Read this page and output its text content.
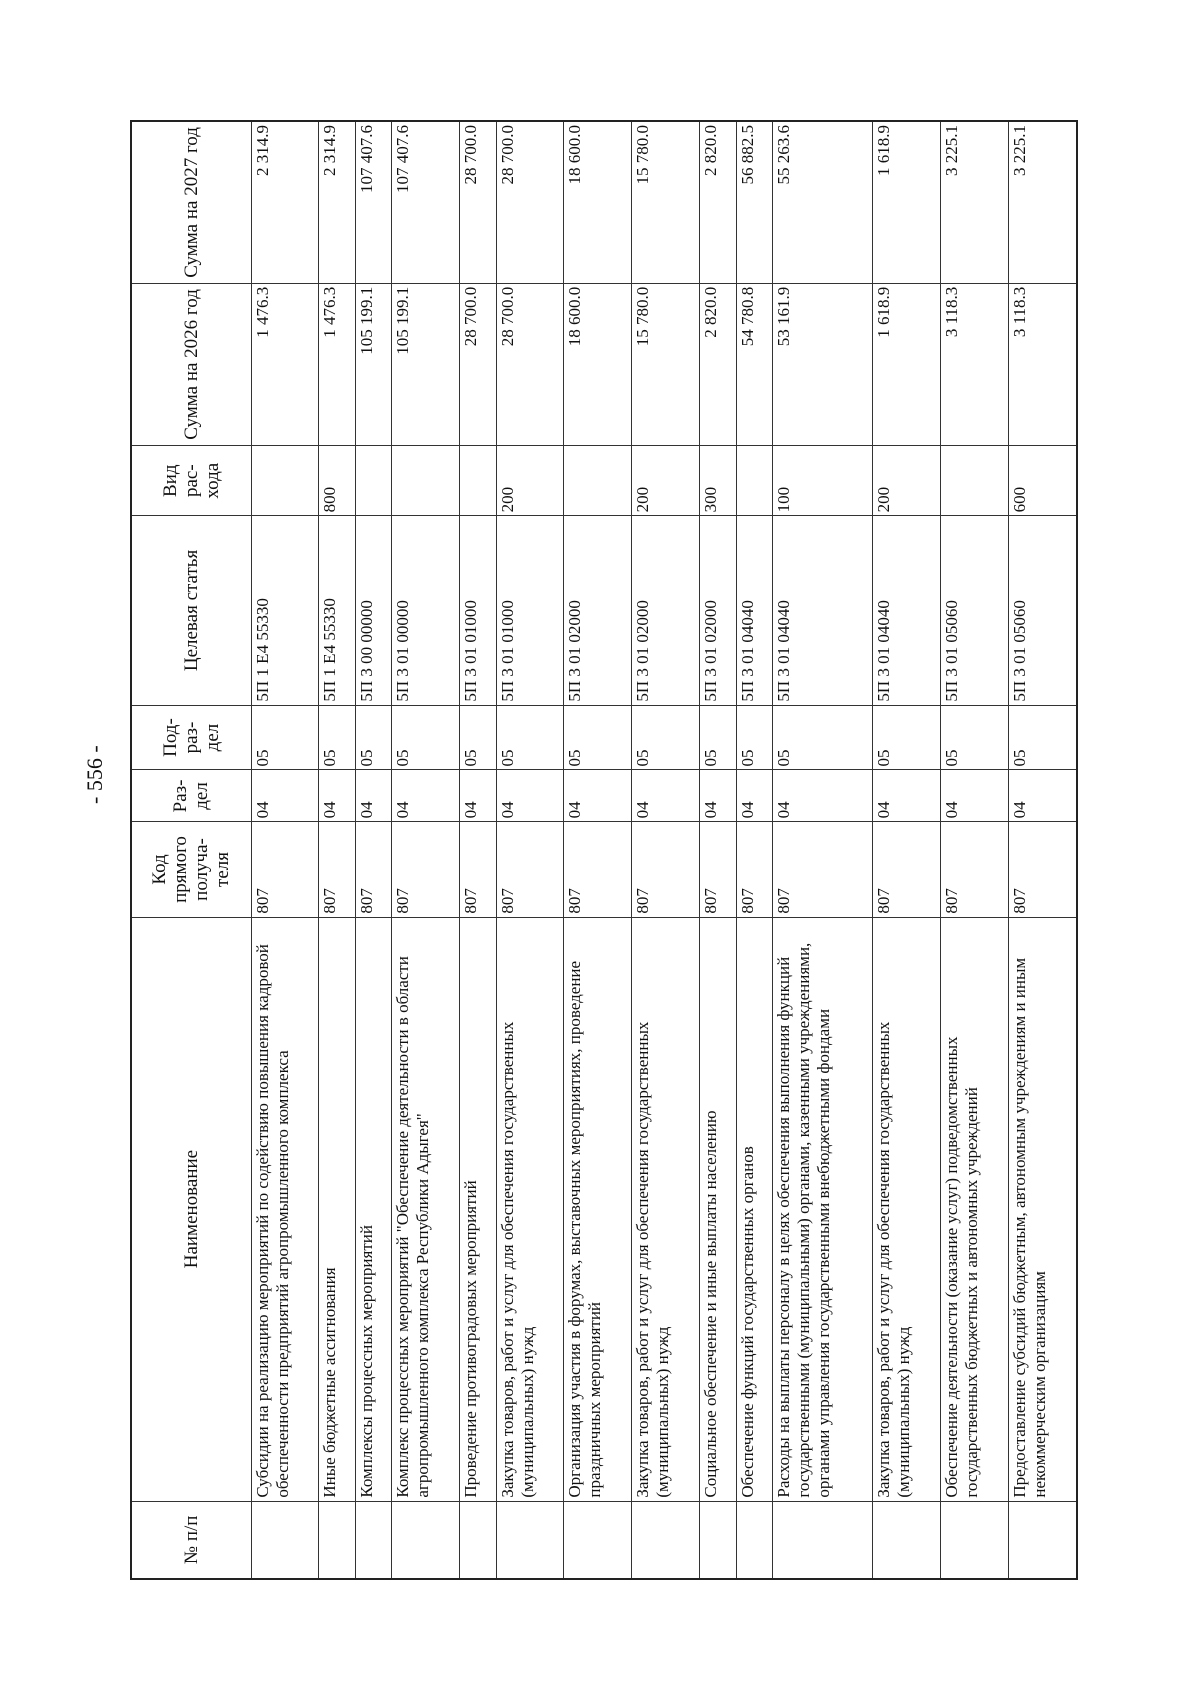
- 556 -
№ п/п	Наименование	Код прямого получа- теля	Раз- дел	Под- раз- дел	Целевая статья	Вид рас- хода	Сумма на 2026 год	Сумма на 2027 год
	Субсидии на реализацию мероприятий по содействию повышения кадровой обеспеченности предприятий агропромышленного комплекса	807	04	05	5П 1 Е4 55330		1 476.3	2 314.9
	Иные бюджетные ассигнования	807	04	05	5П 1 Е4 55330	800	1 476.3	2 314.9
	Комплексы процессных мероприятий	807	04	05	5П 3 00 00000		105 199.1	107 407.6
	Комплекс процессных мероприятий "Обеспечение деятельности в области агропромышленного комплекса Республики Адыгея"	807	04	05	5П 3 01 00000		105 199.1	107 407.6
	Проведение противоградовых мероприятий	807	04	05	5П 3 01 01000		28 700.0	28 700.0
	Закупка товаров, работ и услуг для обеспечения государственных (муниципальных) нужд	807	04	05	5П 3 01 01000	200	28 700.0	28 700.0
	Организация участия в форумах, выставочных мероприятиях, проведение праздничных мероприятий	807	04	05	5П 3 01 02000		18 600.0	18 600.0
	Закупка товаров, работ и услуг для обеспечения государственных (муниципальных) нужд	807	04	05	5П 3 01 02000	200	15 780.0	15 780.0
	Социальное обеспечение и иные выплаты населению	807	04	05	5П 3 01 02000	300	2 820.0	2 820.0
	Обеспечение функций государственных органов	807	04	05	5П 3 01 04040		54 780.8	56 882.5
	Расходы на выплаты персоналу в целях обеспечения выполнения функций государственными (муниципальными) органами, казенными учреждениями, органами управления государственными внебюджетными фондами	807	04	05	5П 3 01 04040	100	53 161.9	55 263.6
	Закупка товаров, работ и услуг для обеспечения государственных (муниципальных) нужд	807	04	05	5П 3 01 04040	200	1 618.9	1 618.9
	Обеспечение деятельности (оказание услуг) подведомственных государственных бюджетных и автономных учреждений	807	04	05	5П 3 01 05060		3 118.3	3 225.1
	Предоставление субсидий бюджетным, автономным учреждениям и иным некоммерческим организациям	807	04	05	5П 3 01 05060	600	3 118.3	3 225.1
